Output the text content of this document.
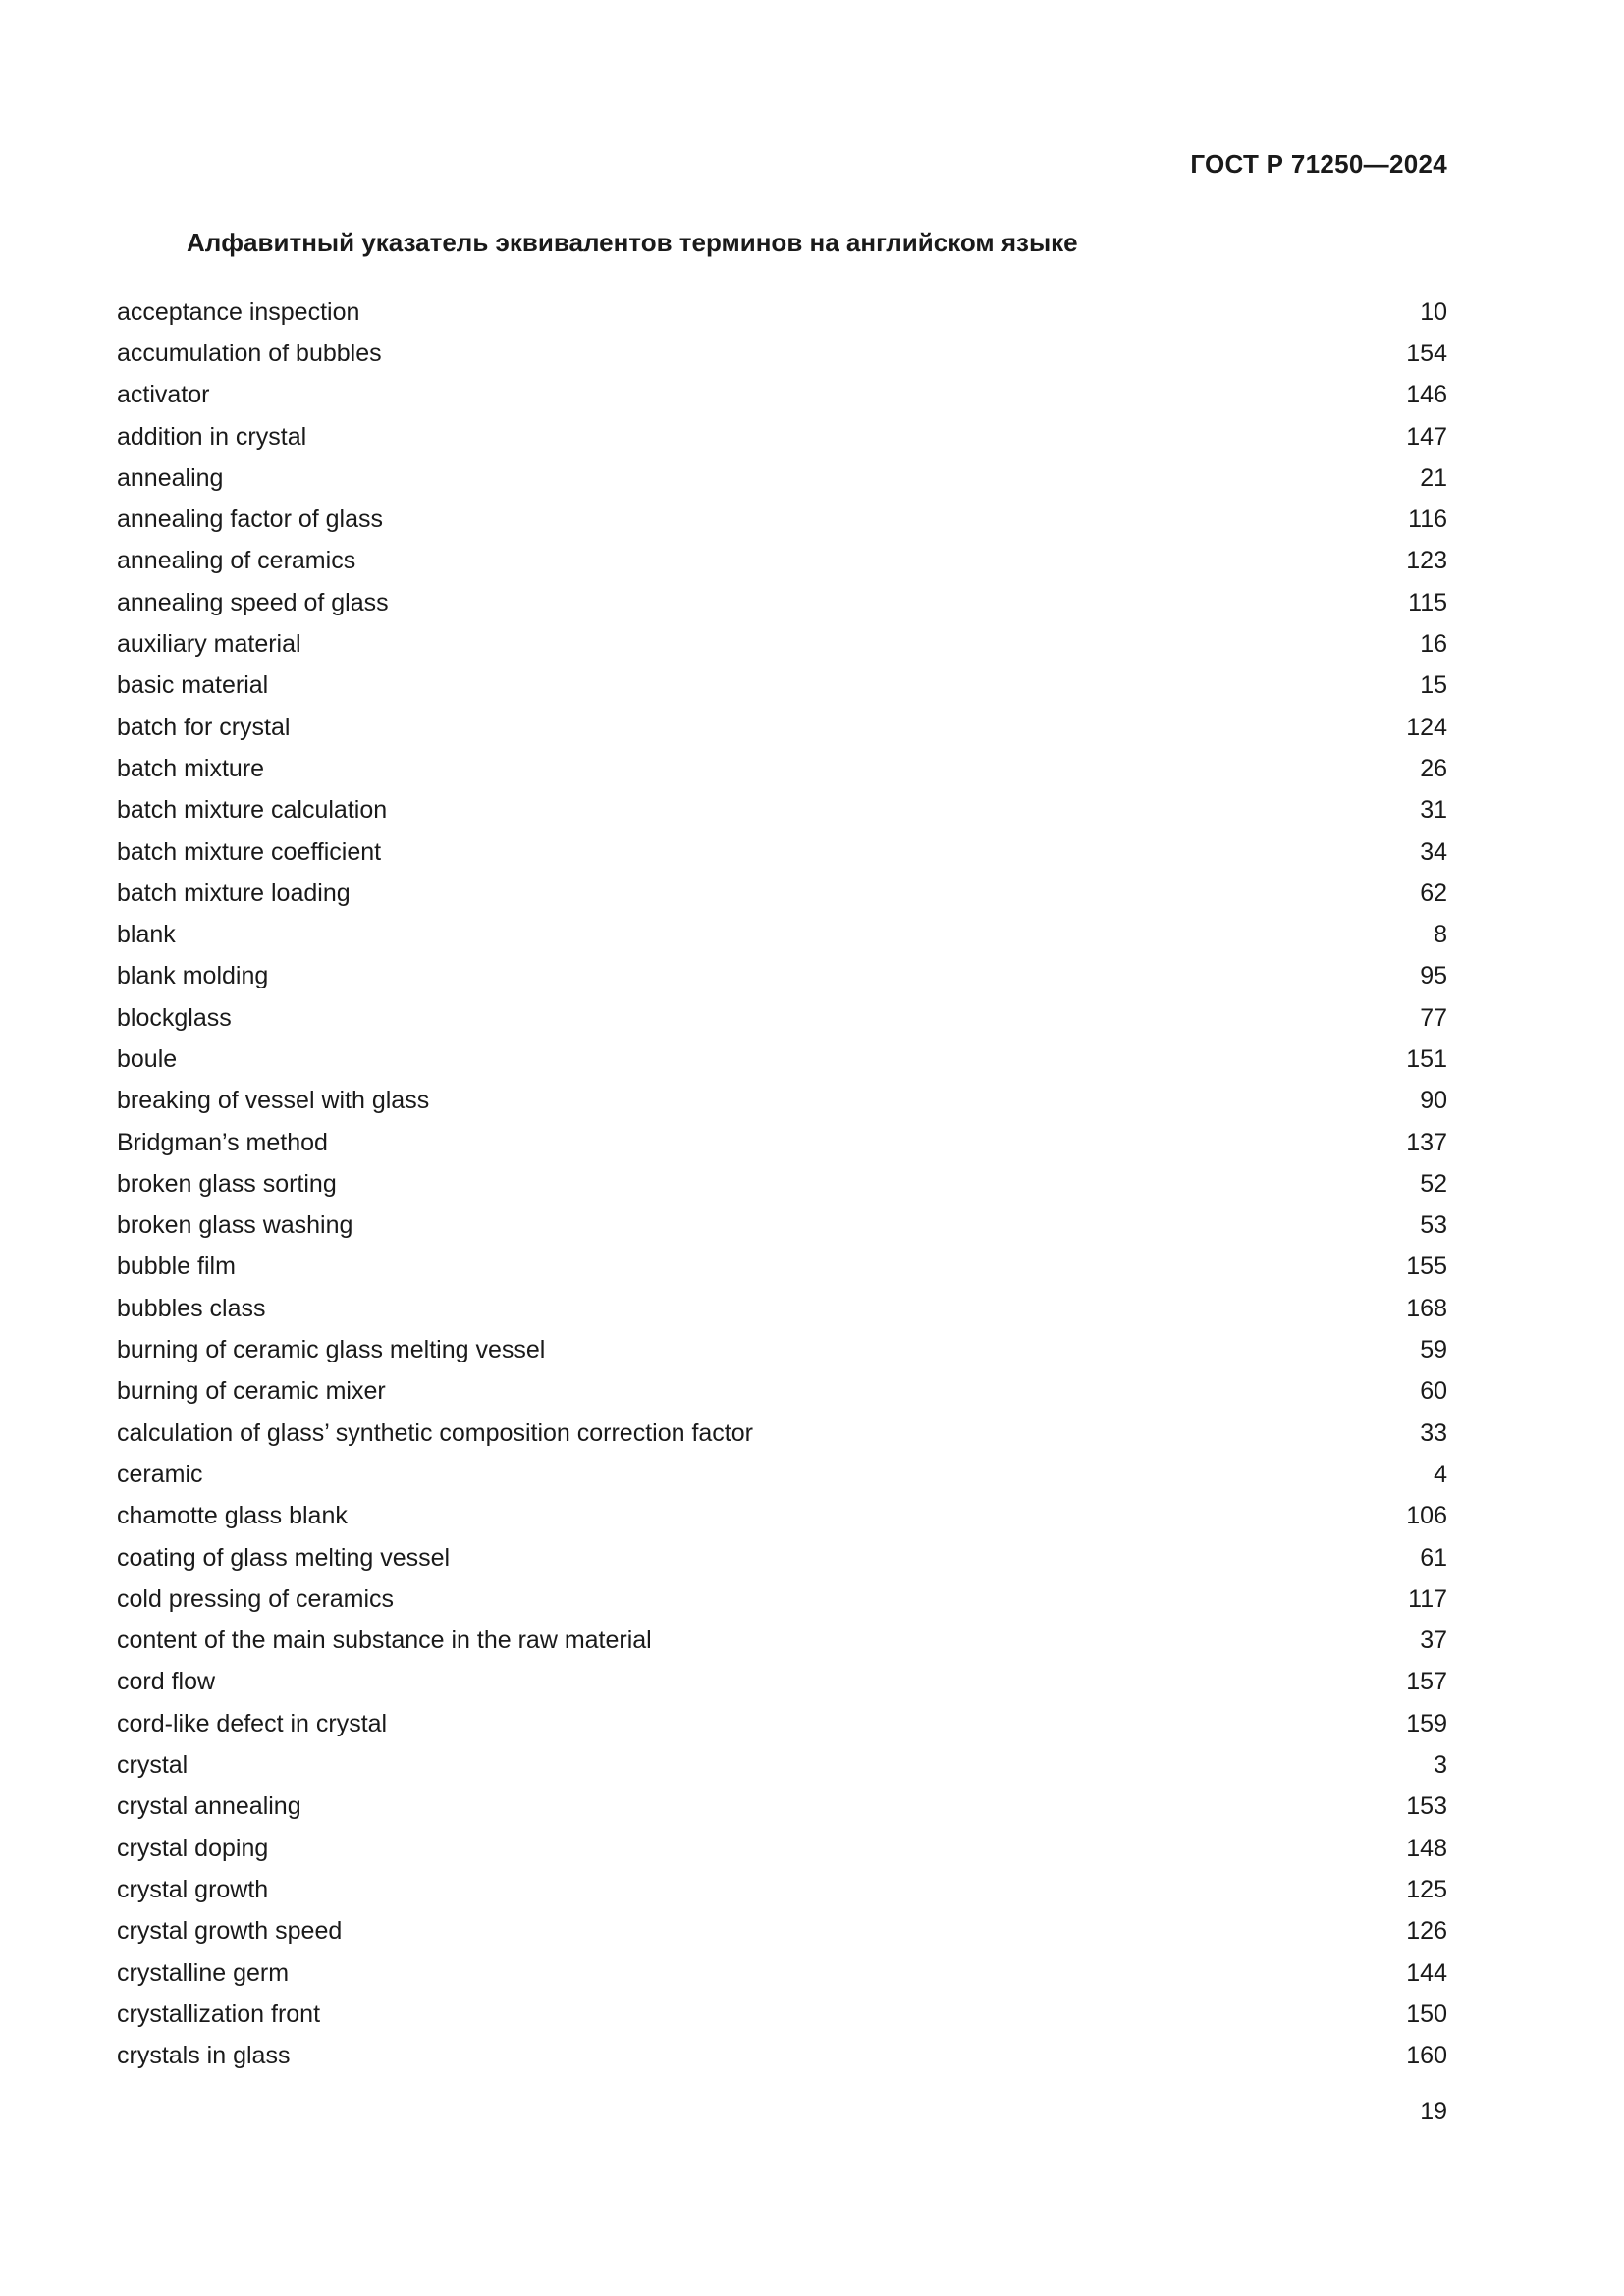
ГОСТ Р 71250—2024
Алфавитный указатель эквивалентов терминов на английском языке
acceptance inspection	10
accumulation of bubbles	154
activator	146
addition in crystal	147
annealing	21
annealing factor of glass	116
annealing of ceramics	123
annealing speed of glass	115
auxiliary material	16
basic material	15
batch for crystal	124
batch mixture	26
batch mixture calculation	31
batch mixture coefficient	34
batch mixture loading	62
blank	8
blank molding	95
blockglass	77
boule	151
breaking of vessel with glass	90
Bridgman’s method	137
broken glass sorting	52
broken glass washing	53
bubble film	155
bubbles class	168
burning of ceramic glass melting vessel	59
burning of ceramic mixer	60
calculation of glass’ synthetic composition correction factor	33
ceramic	4
chamotte glass blank	106
coating of glass melting vessel	61
cold pressing of ceramics	117
content of the main substance in the raw material	37
cord flow	157
cord-like defect in crystal	159
crystal	3
crystal annealing	153
crystal doping	148
crystal growth	125
crystal growth speed	126
crystalline germ	144
crystallization front	150
crystals in glass	160
19
